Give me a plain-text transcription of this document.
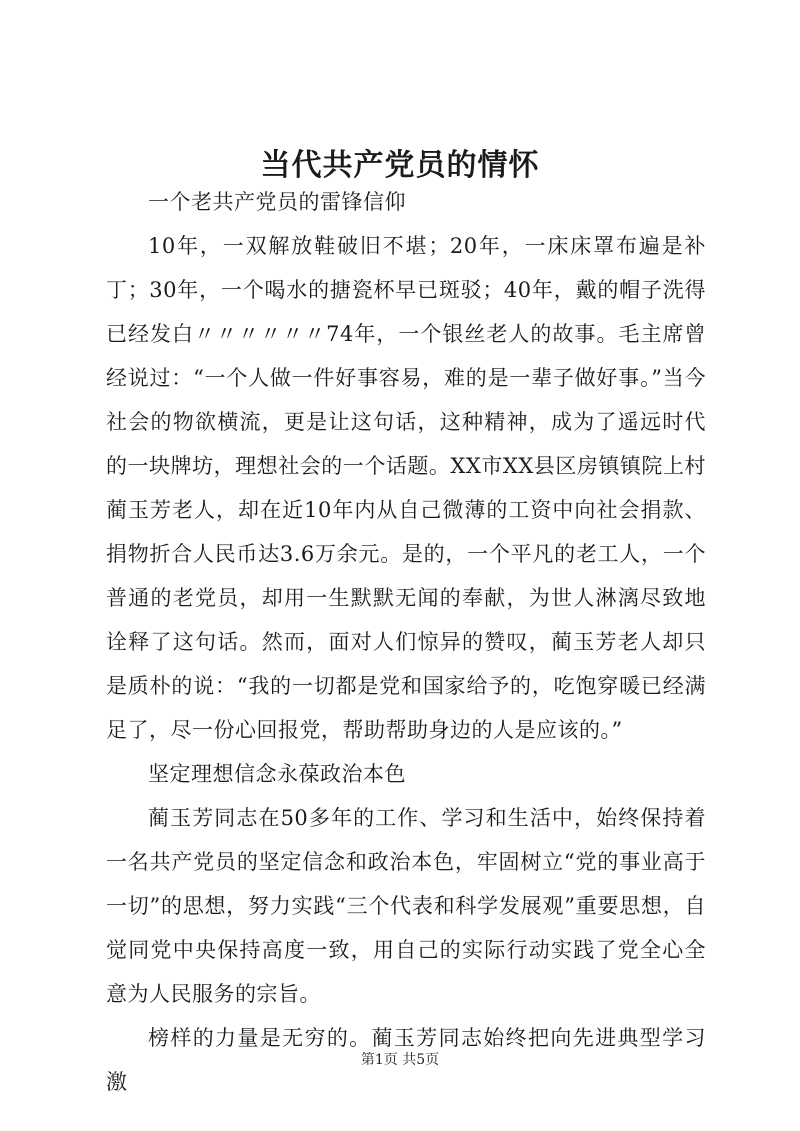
当代共产党员的情怀

一个老共产党员的雷锋信仰

10年，一双解放鞋破旧不堪；20年，一床床罩布遍是补丁；30年，一个喝水的搪瓷杯早已斑驳；40年，戴的帽子洗得已经发白〃〃〃〃〃〃74年，一个银丝老人的故事。毛主席曾经说过：“一个人做一件好事容易，难的是一辈子做好事。”当今社会的物欲横流，更是让这句话，这种精神，成为了遥远时代的一块牌坊，理想社会的一个话题。XX市XX县区房镇镇院上村蔺玉芳老人，却在近10年内从自己微薄的工资中向社会捐款、捐物折合人民币达3.6万余元。是的，一个平凡的老工人，一个普通的老党员，却用一生默默无闻的奉献，为世人淋漓尽致地诠释了这句话。然而，面对人们惊异的赞叹，蔺玉芳老人却只是质朴的说：“我的一切都是党和国家给予的，吃饱穿暖已经满足了，尽一份心回报党，帮助帮助身边的人是应该的。”

坚定理想信念永葆政治本色

蔺玉芳同志在50多年的工作、学习和生活中，始终保持着一名共产党员的坚定信念和政治本色，牢固树立“党的事业高于一切”的思想，努力实践“三个代表和科学发展观”重要思想，自觉同党中央保持高度一致，用自己的实际行动实践了党全心全意为人民服务的宗旨。

榜样的力量是无穷的。蔺玉芳同志始终把向先进典型学习激

第1页 共5页
